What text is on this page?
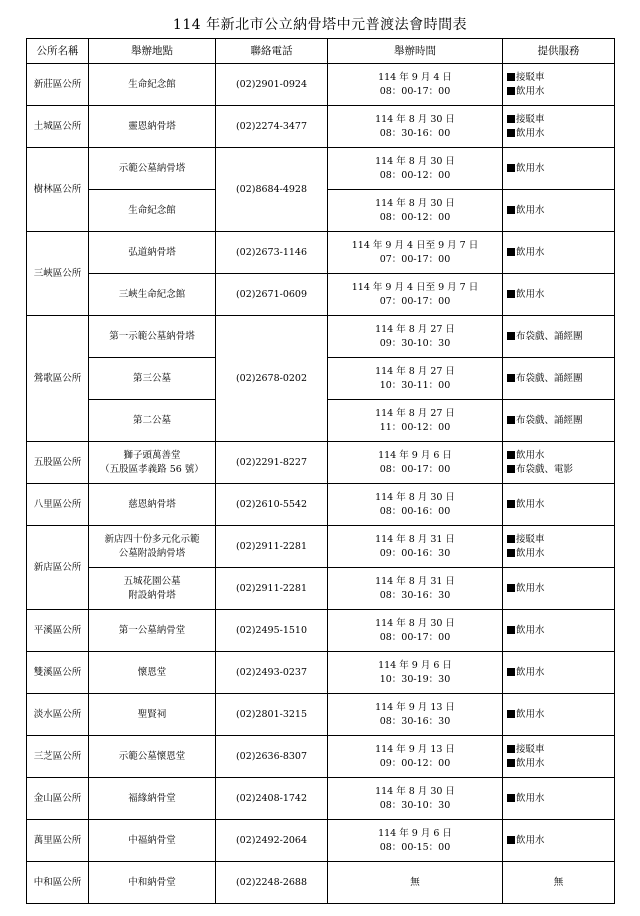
114 年新北市公立納骨塔中元普渡法會時間表
公所名稱	舉辦地點	聯絡電話	舉辦時間	提供服務
新莊區公所	生命紀念館	(02)2901-0924	114 年 9 月 4 日
08：00-17：00	接駁車
飲用水

土城區公所	靈恩納骨塔	(02)2274-3477	114 年 8 月 30 日
08：30-16：00	接駁車
飲用水

樹林區公所	示範公墓納骨塔	(02)8684-4928	114 年 8 月 30 日
08：00-12：00	飲用水

	生命紀念館		114 年 8 月 30 日
08：00-12：00	飲用水

三峽區公所	弘道納骨塔	(02)2673-1146	114 年 9 月 4 日至 9 月 7 日
07：00-17：00	飲用水

	三峽生命紀念館	(02)2671-0609	114 年 9 月 4 日至 9 月 7 日
07：00-17：00	飲用水

鶯歌區公所	第一示範公墓納骨塔	(02)2678-0202	114 年 8 月 27 日
09：30-10：30	布袋戲、誦經團

	第三公墓		114 年 8 月 27 日
10：30-11：00	布袋戲、誦經團

	第二公墓		114 年 8 月 27 日
11：00-12：00	布袋戲、誦經團

五股區公所	獅子頭萬善堂
（五股區孝義路 56 號）	(02)2291-8227	114 年 9 月 6 日
08：00-17：00	飲用水
布袋戲、電影

八里區公所	慈恩納骨塔	(02)2610-5542	114 年 8 月 30 日
08：00-16：00	飲用水

新店區公所	新店四十份多元化示範
公墓附設納骨塔	(02)2911-2281	114 年 8 月 31 日
09：00-16：30	接駁車
飲用水

	五城花園公墓
附設納骨塔	(02)2911-2281	114 年 8 月 31 日
08：30-16：30	飲用水

平溪區公所	第一公墓納骨堂	(02)2495-1510	114 年 8 月 30 日
08：00-17：00	飲用水

雙溪區公所	懷恩堂	(02)2493-0237	114 年 9 月 6 日
10：30-19：30	飲用水

淡水區公所	聖賢祠	(02)2801-3215	114 年 9 月 13 日
08：30-16：30	飲用水

三芝區公所	示範公墓懷恩堂	(02)2636-8307	114 年 9 月 13 日
09：00-12：00	接駁車
飲用水

金山區公所	福緣納骨堂	(02)2408-1742	114 年 8 月 30 日
08：30-10：30	飲用水

萬里區公所	中福納骨堂	(02)2492-2064	114 年 9 月 6 日
08：00-15：00	飲用水

中和區公所	中和納骨堂	(02)2248-2688	無	無
